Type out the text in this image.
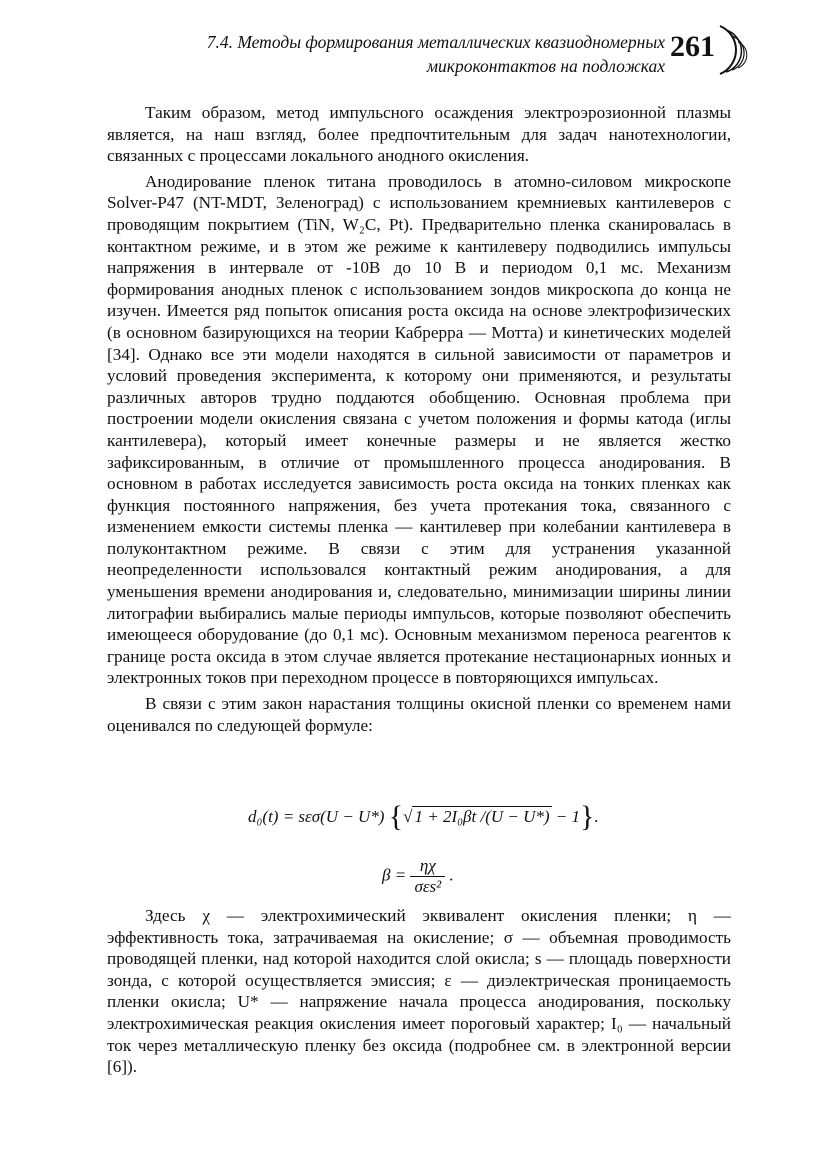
7.4. Методы формирования металлических квазиодномерных
микроконтактов на подложках
261

Таким образом, метод импульсного осаждения электроэрозионной плазмы является, на наш взгляд, более предпочтительным для задач нанотехнологии, связанных с процессами локального анодного окисления.

Анодирование пленок титана проводилось в атомно-силовом микроскопе Solver-P47 (NT-MDT, Зеленоград) с использованием кремниевых кантилеверов с проводящим покрытием (TiN, W₂C, Pt). Предварительно пленка сканировалась в контактном режиме, и в этом же режиме к кантилеверу подводились импульсы напряжения в интервале от -10В до 10 В и периодом 0,1 мс. Механизм формирования анодных пленок с использованием зондов микроскопа до конца не изучен. Имеется ряд попыток описания роста оксида на основе электрофизических (в основном базирующихся на теории Кабрерра — Мотта) и кинетических моделей [34]. Однако все эти модели находятся в сильной зависимости от параметров и условий проведения эксперимента, к которому они применяются, и результаты различных авторов трудно поддаются обобщению. Основная проблема при построении модели окисления связана с учетом положения и формы катода (иглы кантилевера), который имеет конечные размеры и не является жестко зафиксированным, в отличие от промышленного процесса анодирования. В основном в работах исследуется зависимость роста оксида на тонких пленках как функция постоянного напряжения, без учета протекания тока, связанного с изменением емкости системы пленка — кантилевер при колебании кантилевера в полуконтактном режиме. В связи с этим для устранения указанной неопределенности использовался контактный режим анодирования, а для уменьшения времени анодирования и, следовательно, минимизации ширины линии литографии выбирались малые периоды импульсов, которые позволяют обеспечить имеющееся оборудование (до 0,1 мс). Основным механизмом переноса реагентов к границе роста оксида в этом случае является протекание нестационарных ионных и электронных токов при переходном процессе в повторяющихся импульсах.

В связи с этим закон нарастания толщины окисной пленки со временем нами оценивался по следующей формуле:

d₀(t) = sεσ(U − U*) {√ 1 + 2I₀βt /(U − U*) − 1}.
$\beta = \frac{\eta\chi}{\text{σεs²}}$ .

Здесь χ — электрохимический эквивалент окисления пленки; η — эффективность тока, затрачиваемая на окисление; σ — объемная проводимость проводящей пленки, над которой находится слой окисла; s — площадь поверхности зонда, с которой осуществляется эмиссия; ε — диэлектрическая проницаемость пленки окисла; U* — напряжение начала процесса анодирования, поскольку электрохимическая реакция окисления имеет пороговый характер; I₀ — начальный ток через металлическую пленку без оксида (подробнее см. в электронной версии [6]).
